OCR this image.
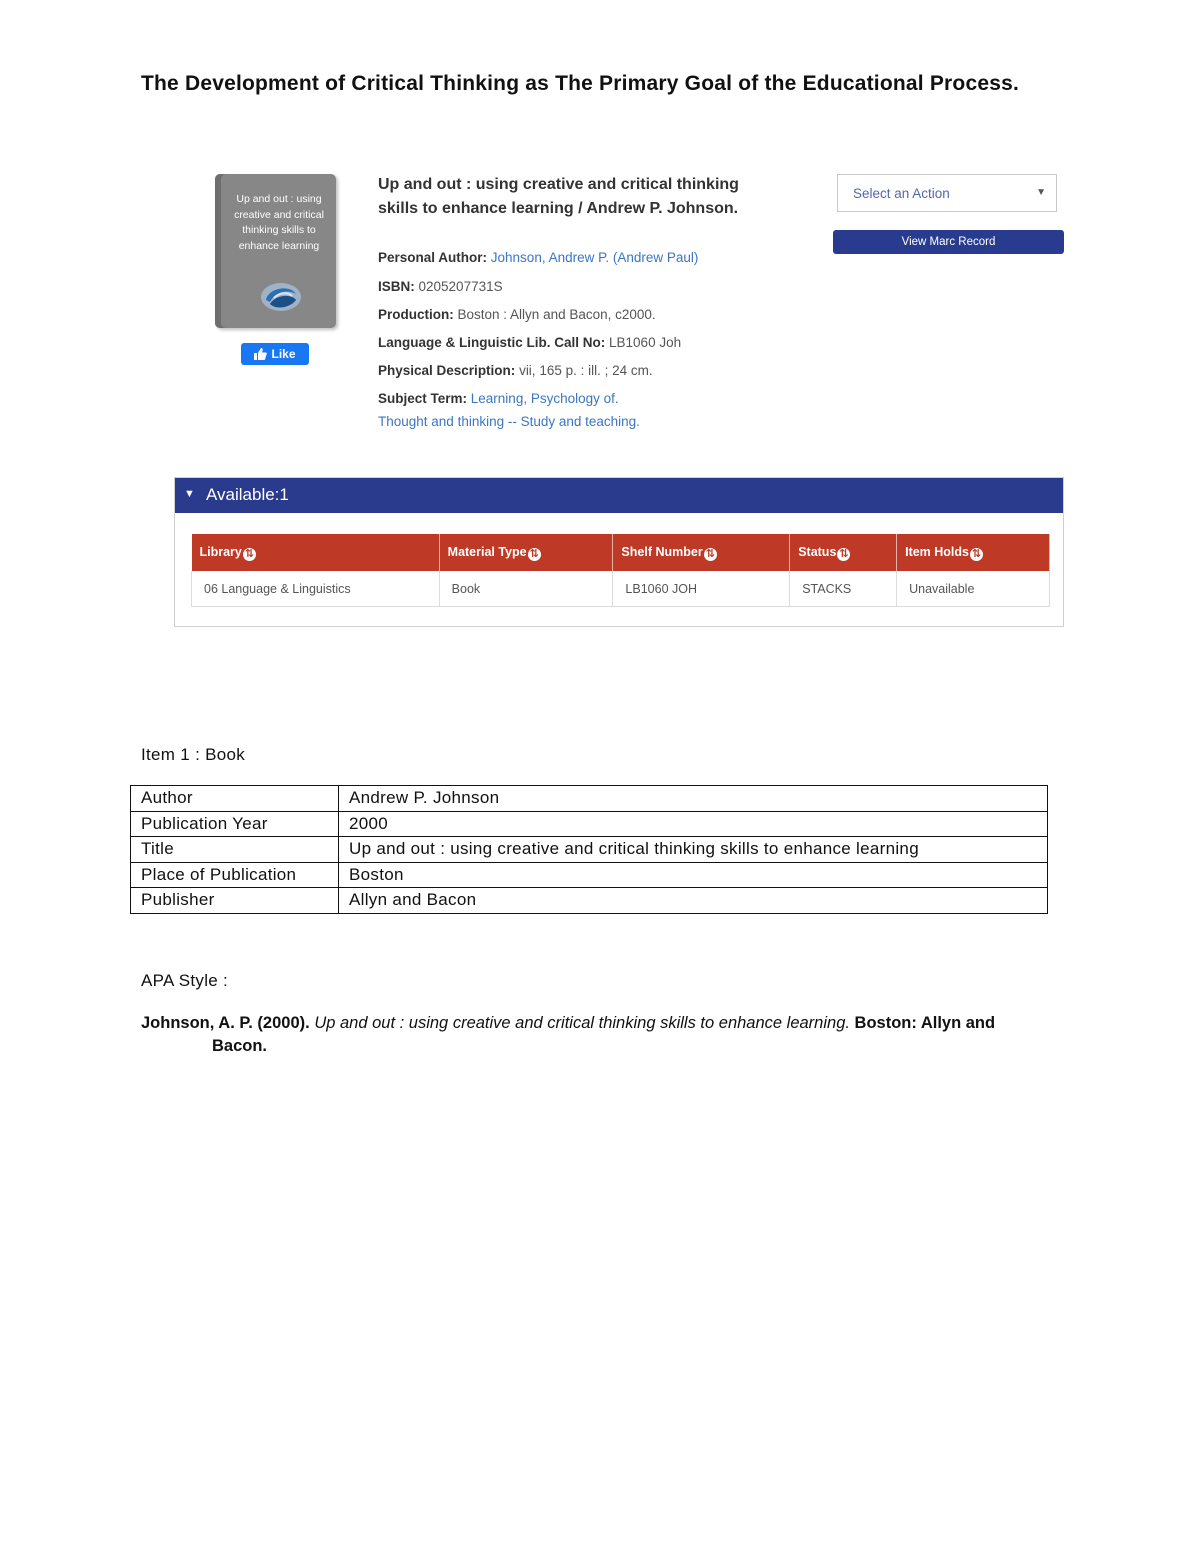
The Development of Critical Thinking as The Primary Goal of the Educational Process.
Up and out : using creative and critical thinking skills to enhance learning
Like
Up and out : using creative and critical thinking skills to enhance learning / Andrew P. Johnson.
Personal Author: Johnson, Andrew P. (Andrew Paul)
ISBN: 0205207731S
Production: Boston : Allyn and Bacon, c2000.
Language & Linguistic Lib. Call No: LB1060 Joh
Physical Description: vii, 165 p. : ill. ; 24 cm.
Subject Term: Learning, Psychology of.
Thought and thinking -- Study and teaching.
Select an Action	▼
View Marc Record
▼ Available:1
Library ⇅	Material Type ⇅	Shelf Number ⇅	Status ⇅	Item Holds ⇅
06 Language & Linguistics	Book	LB1060 JOH	STACKS	Unavailable
Item 1 : Book
Author	Andrew P. Johnson
Publication Year	2000
Title	Up and out : using creative and critical thinking skills to enhance learning
Place of Publication	Boston
Publisher	Allyn and Bacon
APA Style :
Johnson, A. P. (2000). Up and out : using creative and critical thinking skills to enhance learning. Boston: Allyn and
Bacon.
